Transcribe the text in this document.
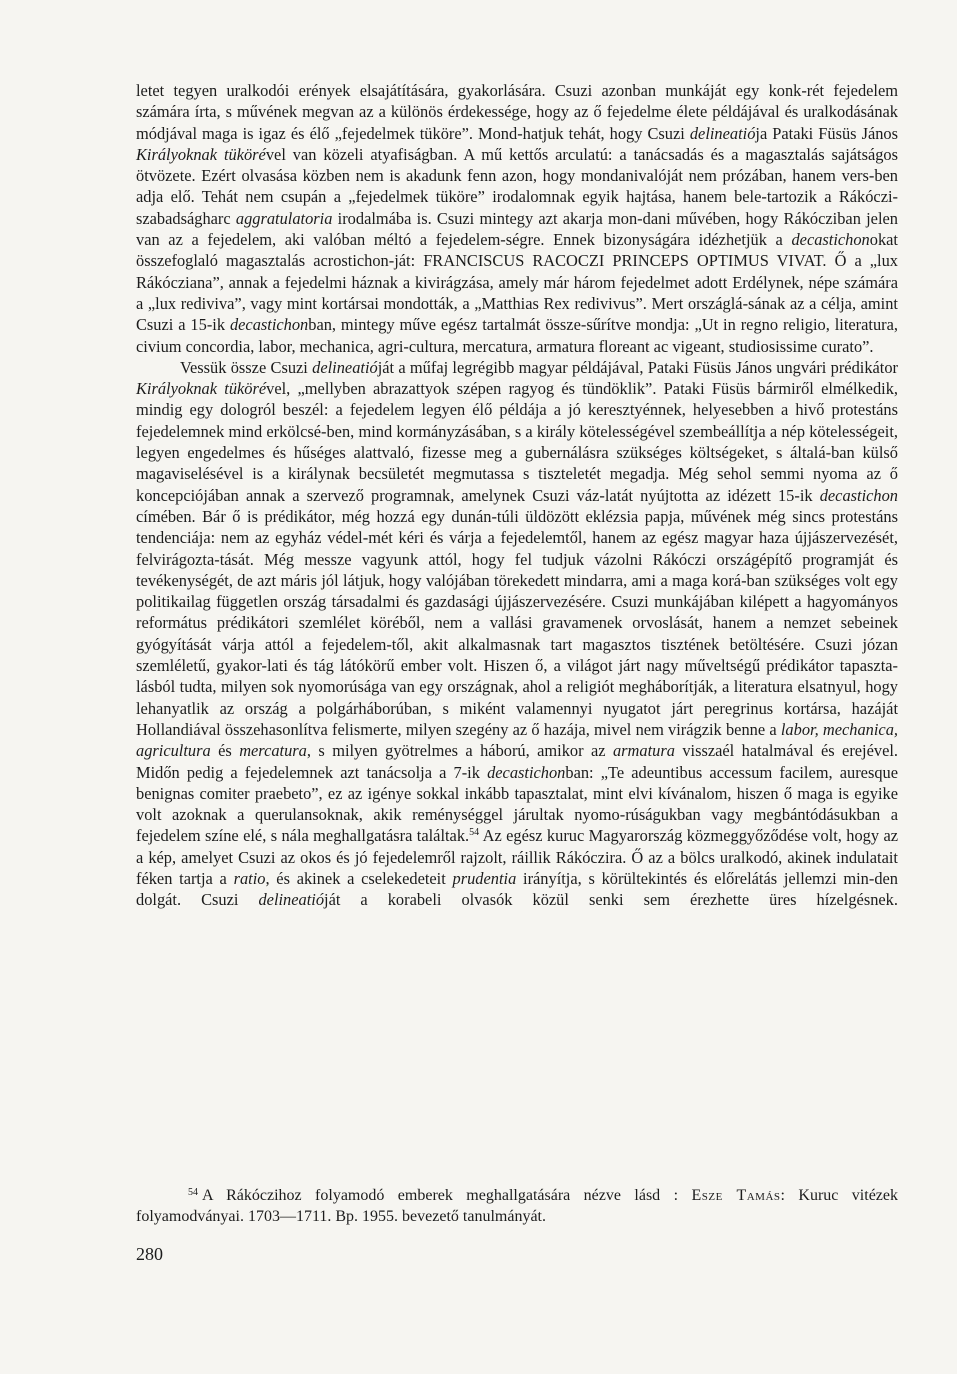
letet tegyen uralkodói erények elsajátítására, gyakorlására. Csuzi azonban munkáját egy konk-rét fejedelem számára írta, s művének megvan az a különös érdekessége, hogy az ő fejedelme élete példájával és uralkodásának módjával maga is igaz és élő „fejedelmek tüköre”. Mond-hatjuk tehát, hogy Csuzi delineatiója Pataki Füsüs János Királyoknak tükörével van közeli atyafiságban. A mű kettős arculatú: a tanácsadás és a magasztalás sajátságos ötvözete. Ezért olvasása közben nem is akadunk fenn azon, hogy mondanivalóját nem prózában, hanem vers-ben adja elő. Tehát nem csupán a „fejedelmek tüköre” irodalomnak egyik hajtása, hanem bele-tartozik a Rákóczi-szabadságharc aggratulatoria irodalmába is. Csuzi mintegy azt akarja mon-dani művében, hogy Rákócziban jelen van az a fejedelem, aki valóban méltó a fejedelem-ségre. Ennek bizonyságára idézhetjük a decastichonokat összefoglaló magasztalás acrostichon-ját: FRANCISCUS RACOCZI PRINCEPS OPTIMUS VIVAT. Ő a „lux Rákócziana”, annak a fejedelmi háznak a kivirágzása, amely már három fejedelmet adott Erdélynek, népe számára a „lux rediviva”, vagy mint kortársai mondották, a „Matthias Rex redivivus”. Mert országlá-sának az a célja, amint Csuzi a 15-ik decastichonban, mintegy műve egész tartalmát össze-sűrítve mondja: „Ut in regno religio, literatura, civium concordia, labor, mechanica, agri-cultura, mercatura, armatura floreant ac vigeant, studiosissime curato”.

Vessük össze Csuzi delineatióját a műfaj legrégibb magyar példájával, Pataki Füsüs János ungvári prédikátor Királyoknak tükörével, „mellyben abrazattyok szépen ragyog és tündöklik”. Pataki Füsüs bármiről elmélkedik, mindig egy dologról beszél: a fejedelem legyen élő példája a jó keresztyénnek, helyesebben a hivő protestáns fejedelemnek mind erkölcsé-ben, mind kormányzásában, s a király kötelességével szembeállítja a nép kötelességeit, legyen engedelmes és hűséges alattvaló, fizesse meg a gubernálásra szükséges költségeket, s általá-ban külső magaviselésével is a királynak becsületét megmutassa s tiszteletét megadja. Még sehol semmi nyoma az ő koncepciójában annak a szervező programnak, amelynek Csuzi váz-latát nyújtotta az idézett 15-ik decastichon címében. Bár ő is prédikátor, még hozzá egy dunán-túli üldözött eklézsia papja, művének még sincs protestáns tendenciája: nem az egyház védel-mét kéri és várja a fejedelemtől, hanem az egész magyar haza újjászervezését, felvirágozta-tását. Még messze vagyunk attól, hogy fel tudjuk vázolni Rákóczi országépítő programját és tevékenységét, de azt máris jól látjuk, hogy valójában törekedett mindarra, ami a maga korá-ban szükséges volt egy politikailag független ország társadalmi és gazdasági újjászervezésére. Csuzi munkájában kilépett a hagyományos református prédikátori szemlélet köréből, nem a vallási gravamenek orvoslását, hanem a nemzet sebeinek gyógyítását várja attól a fejedelem-től, akit alkalmasnak tart magasztos tisztének betöltésére. Csuzi józan szemléletű, gyakor-lati és tág látókörű ember volt. Hiszen ő, a világot járt nagy műveltségű prédikátor tapaszta-lásból tudta, milyen sok nyomorúsága van egy országnak, ahol a religiót megháborítják, a literatura elsatnyul, hogy lehanyatlik az ország a polgárháborúban, s miként valamennyi nyugatot járt peregrinus kortársa, hazáját Hollandiával összehasonlítva felismerte, milyen szegény az ő hazája, mivel nem virágzik benne a labor, mechanica, agricultura és mercatura, s milyen gyötrelmes a háború, amikor az armatura visszaél hatalmával és erejével. Midőn pedig a fejedelemnek azt tanácsolja a 7-ik decastichonban: „Te adeuntibus accessum facilem, auresque benignas comiter praebeto”, ez az igénye sokkal inkább tapasztalat, mint elvi kívánalom, hiszen ő maga is egyike volt azoknak a querulansoknak, akik reménységgel járultak nyomo-rúságukban vagy megbántódásukban a fejedelem színe elé, s nála meghallgatásra találtak.$^{54}$ Az egész kuruc Magyarország közmeggyőződése volt, hogy az a kép, amelyet Csuzi az okos és jó fejedelemről rajzolt, ráillik Rákóczira. Ő az a bölcs uralkodó, akinek indulatait féken tartja a ratio, és akinek a cselekedeteit prudentia irányítja, s körültekintés és előrelátás jellemzi min-den dolgát. Csuzi delineatióját a korabeli olvasók közül senki sem érezhette üres hízelgésnek.

$^{54}$ A Rákóczihoz folyamodó emberek meghallgatására nézve lásd : Esze Tamás: Kuruc vitézek folyamodványai. 1703—1711. Bp. 1955. bevezető tanulmányát.
280
